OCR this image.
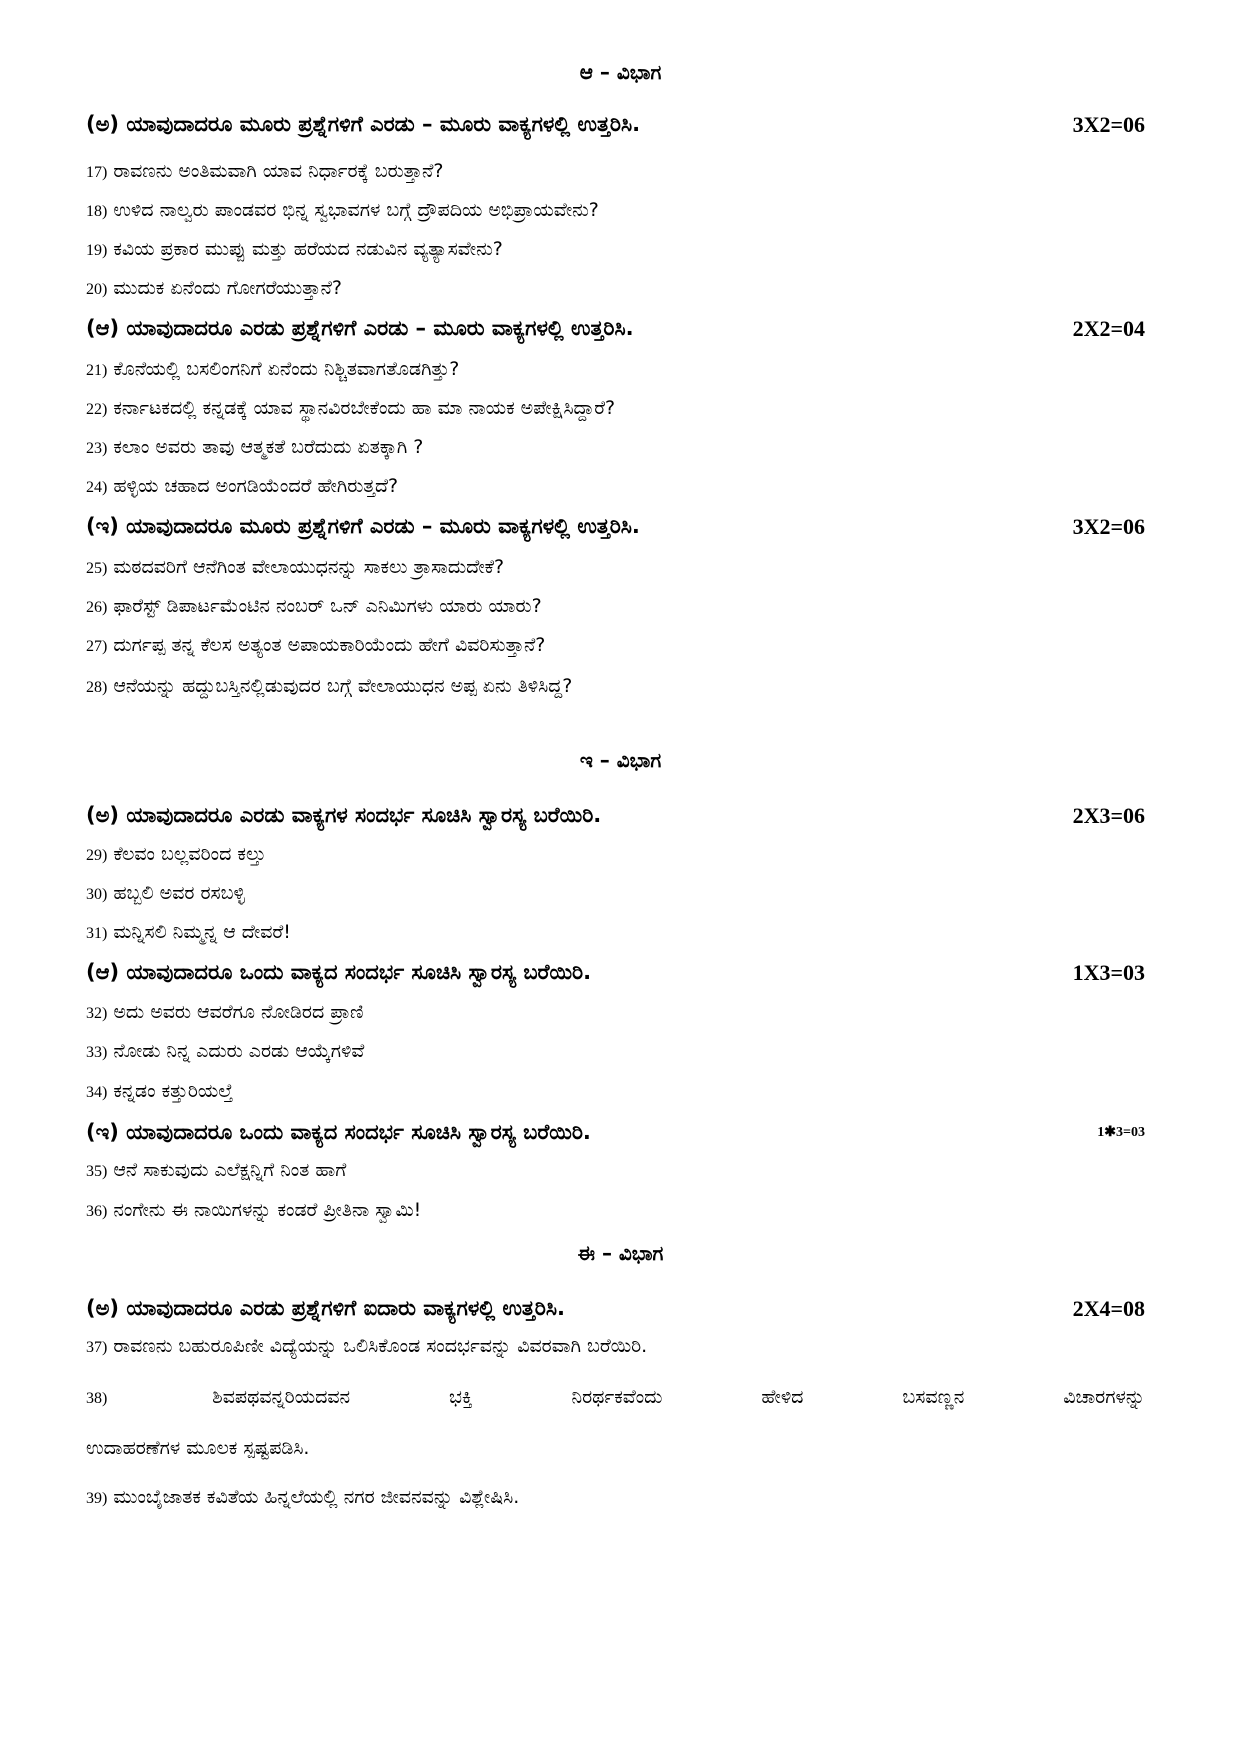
ಆ – ವಿಭಾಗ
(ಅ) ಯಾವುದಾದರೂ ಮೂರು ಪ್ರಶ್ನೆಗಳಿಗೆ ಎರಡು – ಮೂರು ವಾಕ್ಯಗಳಲ್ಲಿ ಉತ್ತರಿಸಿ.	3X2=06
17) ರಾವಣನು ಅಂತಿಮವಾಗಿ ಯಾವ ನಿರ್ಧಾರಕ್ಕೆ ಬರುತ್ತಾನೆ?
18) ಉಳಿದ ನಾಲ್ವರು ಪಾಂಡವರ ಭಿನ್ನ ಸ್ವಭಾವಗಳ ಬಗ್ಗೆ ದ್ರೌಪದಿಯ ಅಭಿಪ್ರಾಯವೇನು?
19) ಕವಿಯ ಪ್ರಕಾರ ಮುಪ್ಪು ಮತ್ತು ಹರೆಯದ ನಡುವಿನ ವ್ಯತ್ಯಾಸವೇನು?
20) ಮುದುಕ ಏನೆಂದು ಗೋಗರೆಯುತ್ತಾನೆ?
(ಆ) ಯಾವುದಾದರೂ ಎರಡು ಪ್ರಶ್ನೆಗಳಿಗೆ ಎರಡು – ಮೂರು ವಾಕ್ಯಗಳಲ್ಲಿ ಉತ್ತರಿಸಿ.	2X2=04
21) ಕೊನೆಯಲ್ಲಿ ಬಸಲಿಂಗನಿಗೆ ಏನೆಂದು ನಿಶ್ಚಿತವಾಗತೊಡಗಿತ್ತು?
22) ಕರ್ನಾಟಕದಲ್ಲಿ ಕನ್ನಡಕ್ಕೆ ಯಾವ ಸ್ಥಾನವಿರಬೇಕೆಂದು ಹಾ ಮಾ ನಾಯಕ ಅಪೇಕ್ಷಿಸಿದ್ದಾರೆ?
23) ಕಲಾಂ ಅವರು ತಾವು ಆತ್ಮಕತೆ ಬರೆದುದು ಏತಕ್ಕಾಗಿ ?
24) ಹಳ್ಳಿಯ ಚಹಾದ ಅಂಗಡಿಯೆಂದರೆ ಹೇಗಿರುತ್ತದೆ?
(ಇ) ಯಾವುದಾದರೂ ಮೂರು ಪ್ರಶ್ನೆಗಳಿಗೆ ಎರಡು – ಮೂರು ವಾಕ್ಯಗಳಲ್ಲಿ ಉತ್ತರಿಸಿ.	3X2=06
25) ಮಠದವರಿಗೆ ಆನೆಗಿಂತ ವೇಲಾಯುಧನನ್ನು ಸಾಕಲು ತ್ರಾಸಾದುದೇಕೆ?
26) ಫಾರೆಸ್ಟ್ ಡಿಪಾರ್ಟಮೆಂಟಿನ ನಂಬರ್ ಒನ್ ಎನಿಮಿಗಳು ಯಾರು ಯಾರು?
27) ದುರ್ಗಪ್ಪ ತನ್ನ ಕೆಲಸ ಅತ್ಯಂತ ಅಪಾಯಕಾರಿಯೆಂದು ಹೇಗೆ ವಿವರಿಸುತ್ತಾನೆ?
28) ಆನೆಯನ್ನು ಹದ್ದುಬಸ್ತಿನಲ್ಲಿಡುವುದರ ಬಗ್ಗೆ ವೇಲಾಯುಧನ ಅಪ್ಪ ಏನು ತಿಳಿಸಿದ್ದ?
ಇ – ವಿಭಾಗ
(ಅ) ಯಾವುದಾದರೂ ಎರಡು ವಾಕ್ಯಗಳ ಸಂದರ್ಭ ಸೂಚಿಸಿ ಸ್ವಾರಸ್ಯ ಬರೆಯಿರಿ.	2X3=06
29) ಕೆಲವಂ ಬಲ್ಲವರಿಂದ ಕಲ್ತು
30) ಹಬ್ಬಲಿ ಅವರ ರಸಬಳ್ಳಿ
31) ಮನ್ನಿಸಲಿ ನಿಮ್ಮನ್ನ ಆ ದೇವರೆ!
(ಆ) ಯಾವುದಾದರೂ ಒಂದು ವಾಕ್ಯದ ಸಂದರ್ಭ ಸೂಚಿಸಿ ಸ್ವಾರಸ್ಯ ಬರೆಯಿರಿ.	1X3=03
32) ಅದು ಅವರು ಆವರೆಗೂ ನೋಡಿರದ ಪ್ರಾಣಿ
33) ನೋಡು ನಿನ್ನ ಎದುರು ಎರಡು ಆಯ್ಕೆಗಳಿವೆ
34) ಕನ್ನಡಂ ಕತ್ತುರಿಯಲ್ತೆ
(ಇ) ಯಾವುದಾದರೂ ಒಂದು ವಾಕ್ಯದ ಸಂದರ್ಭ ಸೂಚಿಸಿ ಸ್ವಾರಸ್ಯ ಬರೆಯಿರಿ.	1✱3=03
35) ಆನೆ ಸಾಕುವುದು ಎಲೆಕ್ಷನ್ನಿಗೆ ನಿಂತ ಹಾಗೆ
36) ನಂಗೇನು ಈ ನಾಯಿಗಳನ್ನು ಕಂಡರೆ ಪ್ರೀತಿನಾ ಸ್ವಾಮಿ!
ಈ – ವಿಭಾಗ
(ಅ) ಯಾವುದಾದರೂ ಎರಡು ಪ್ರಶ್ನೆಗಳಿಗೆ ಐದಾರು ವಾಕ್ಯಗಳಲ್ಲಿ ಉತ್ತರಿಸಿ.	2X4=08
37) ರಾವಣನು ಬಹುರೂಪಿಣೀ ವಿದ್ಯೆಯನ್ನು ಒಲಿಸಿಕೊಂಡ ಸಂದರ್ಭವನ್ನು ವಿವರವಾಗಿ ಬರೆಯಿರಿ.
38)	ಶಿವಪಥವನ್ನರಿಯದವನ ಭಕ್ತಿ ನಿರರ್ಥಕವೆಂದು ಹೇಳಿದ ಬಸವಣ್ಣನ ವಿಚಾರಗಳನ್ನು
ಉದಾಹರಣೆಗಳ ಮೂಲಕ ಸ್ಪಷ್ಟಪಡಿಸಿ.
39) ಮುಂಬೈಜಾತಕ ಕವಿತೆಯ ಹಿನ್ನಲೆಯಲ್ಲಿ ನಗರ ಜೀವನವನ್ನು ವಿಶ್ಲೇಷಿಸಿ.
